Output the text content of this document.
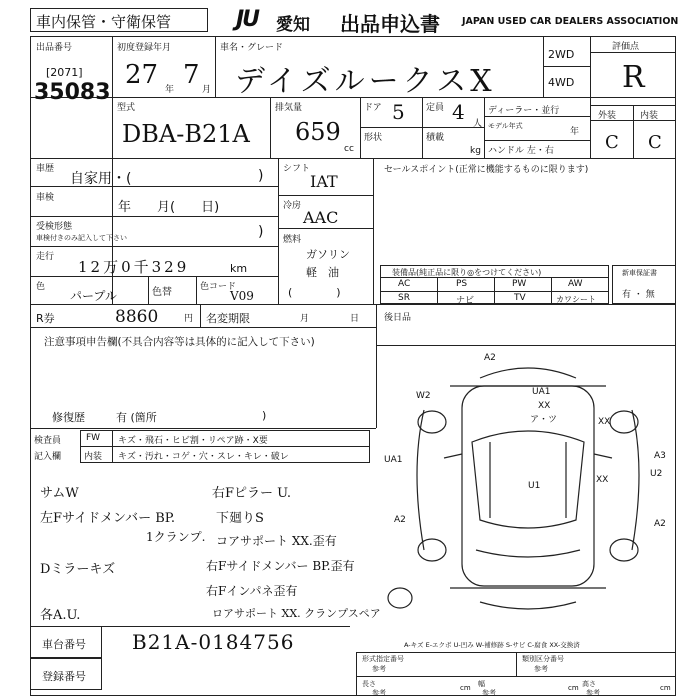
車内保管・守衛保管	JU 愛知 出品申込書 JAPAN USED CAR DEALERS ASSOCIATION
出品番号
[2071]
35083
初度登録年月
27 年 7 月
車名・グレード
デイズルークスX
2WD
4WD
評価点
R
型式
DBA-B21A
排気量
659
cc
ドア 5 定員 4 人
形状	積載
kg
ディーラー・並行
モデル年式
年
ハンドル 左・右
外装	内装
C C
車歴
自家用・(	)
車検
年　　月(　　日)
受検形態
車検付きのみ記入して下さい	)
走行
12万0千329	km
色
パープル	色替	色コード
V09
シフト
IAT
冷房
AAC
燃料
ガソリン
軽　油
(　　　　)
セールスポイント(正常に機能するものに限ります)
装備品(純正品に限り◎をつけてください)
AC	PS	PW	AW
SR	ナビ	TV	カワシート
新車保証書
有 ・ 無
R券	8860	円 名変期限	月	日	後日品
注意事項申告欄(不具合内容等は具体的に記入して下さい)
修復歴	有 (箇所	)
検査員
記入欄
FW キズ・飛石・ヒビ割・リペア跡・X要
内装 キズ・汚れ・コゲ・穴・スレ・キレ・破レ
サムW
左Fサイドメンバー BP.
1クランプ.
Dミラーキズ
各A.U.
右Fピラー U.
下廻りS
コアサポート XX.歪有
右Fサイドメンバー BP.歪有
右Fインパネ歪有
ロアサポート XX. クランプスペア
A2
W2	UA1
XX
ア・ツ	XX
UA1
U1
XX
A3
A2	A2
U2
A-キズ E-エクボ U-凹み W-補修跡 S-サビ C-腐食 XX-交換済
車台番号 B21A-0184756
登録番号
形式指定番号
参考
類別区分番号
参考
長さ
参考
cm 幅
参考
cm 高さ
参考
cm
